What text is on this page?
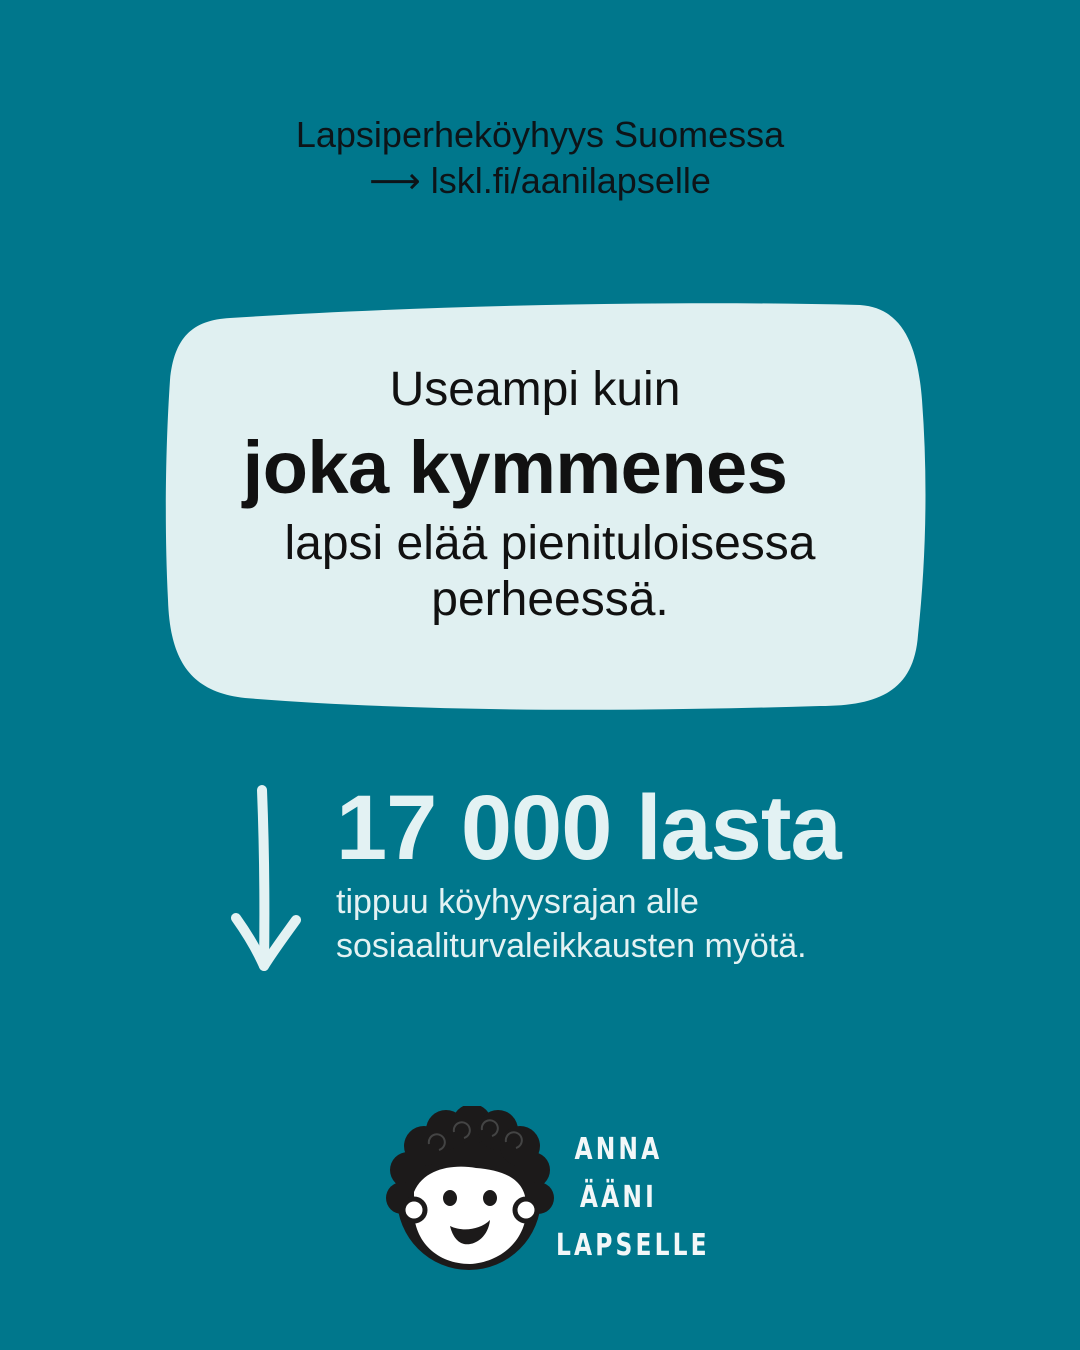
Lapsiperheköyhyys Suomessa
⟶ lskl.fi/aanilapselle
Useampi kuin
joka kymmenes
lapsi elää pienituloisessa
perheessä.
17 000 lasta
tippuu köyhyysrajan alle
sosiaaliturvaleikkausten myötä.
ANNA
ÄÄNI
LAPSELLE
